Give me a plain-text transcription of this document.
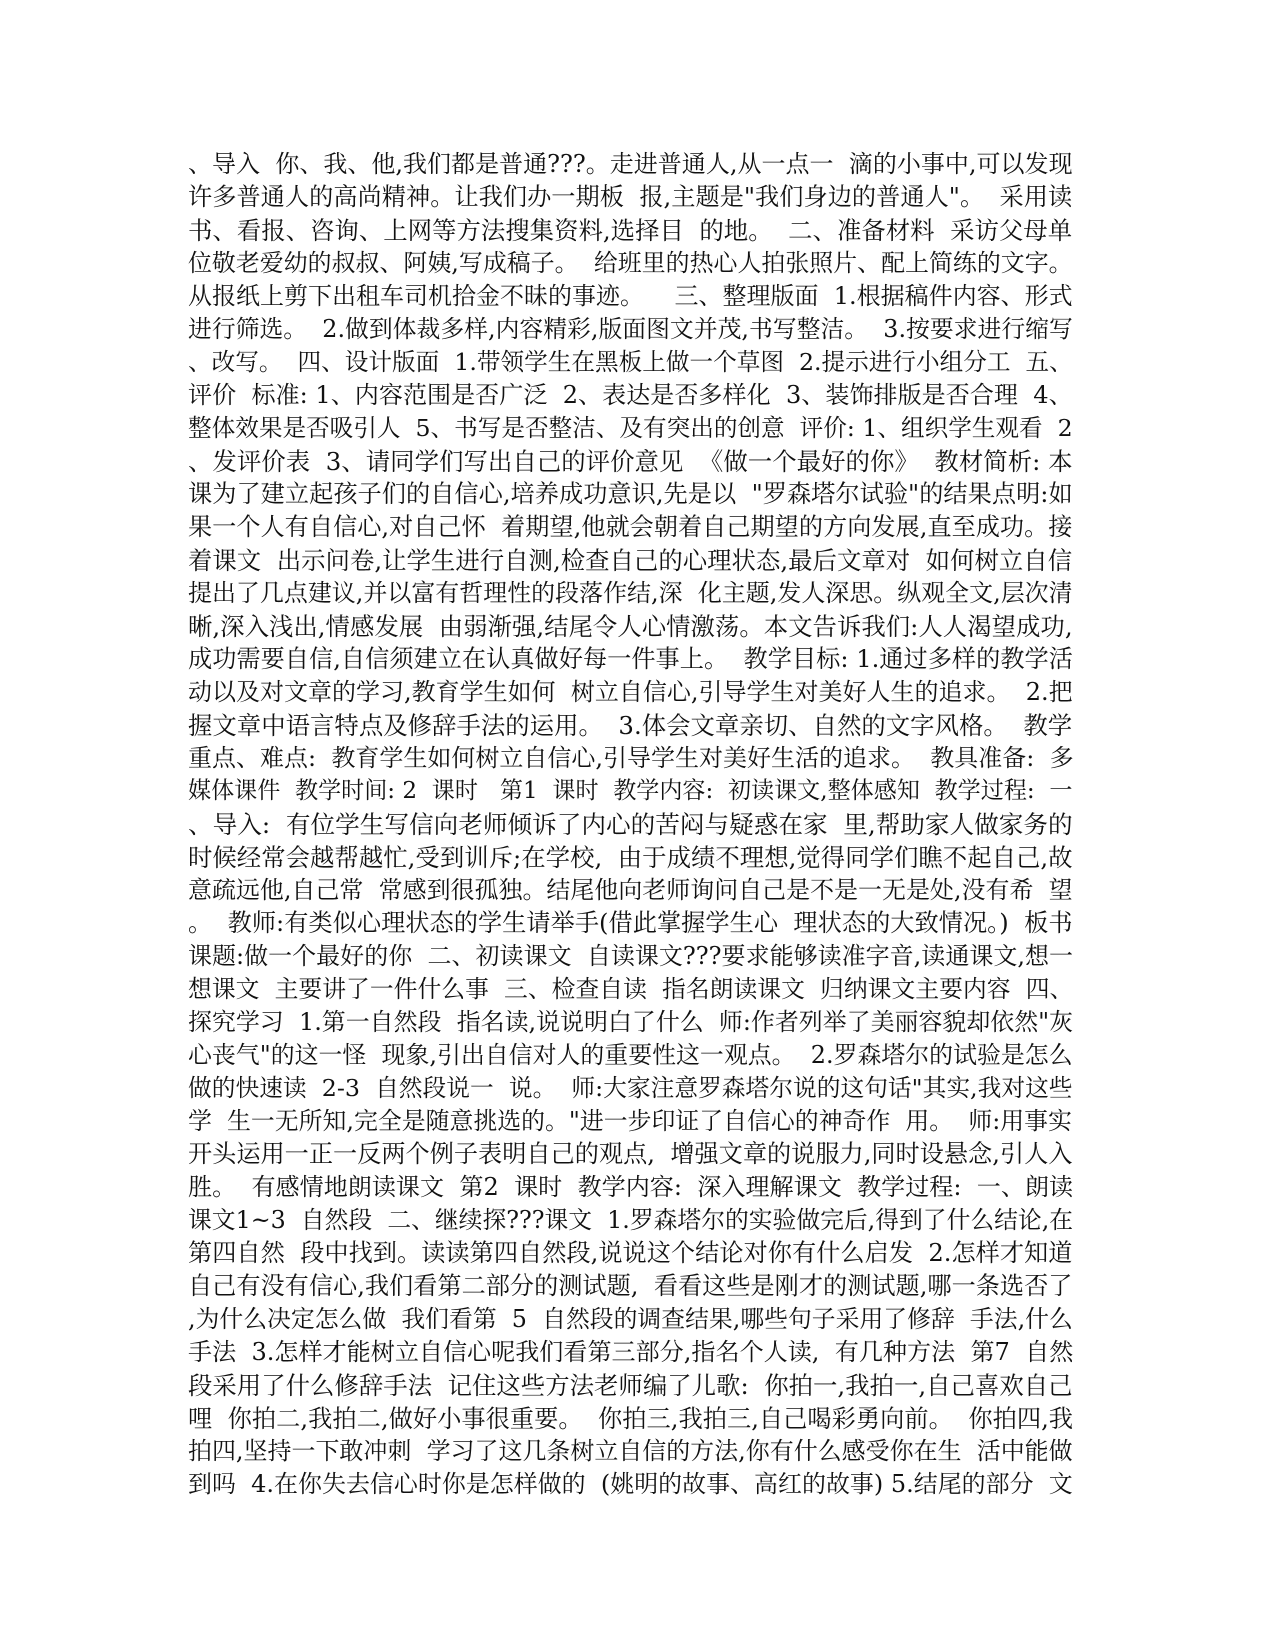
、导入  你、我、他,我们都是普通???。走进普通人,从一点一  滴的小事中,可以发现
许多普通人的高尚精神。让我们办一期板  报,主题是"我们身边的普通人"。  采用读
书、看报、咨询、上网等方法搜集资料,选择目  的地。  二、准备材料  采访父母单
位敬老爱幼的叔叔、阿姨,写成稿子。  给班里的热心人拍张照片、配上简练的文字。
从报纸上剪下出租车司机拾金不昧的事迹。    三、整理版面  1.根据稿件内容、形式
进行筛选。  2.做到体裁多样,内容精彩,版面图文并茂,书写整洁。  3.按要求进行缩写
、改写。  四、设计版面  1.带领学生在黑板上做一个草图  2.提示进行小组分工  五、
评价  标准: 1、内容范围是否广泛  2、表达是否多样化  3、装饰排版是否合理  4、
整体效果是否吸引人  5、书写是否整洁、及有突出的创意  评价: 1、组织学生观看  2
、发评价表  3、请同学们写出自己的评价意见  《做一个最好的你》  教材简析: 本
课为了建立起孩子们的自信心,培养成功意识,先是以  "罗森塔尔试验"的结果点明:如
果一个人有自信心,对自己怀  着期望,他就会朝着自己期望的方向发展,直至成功。接
着课文  出示问卷,让学生进行自测,检查自己的心理状态,最后文章对  如何树立自信
提出了几点建议,并以富有哲理性的段落作结,深  化主题,发人深思。纵观全文,层次清
晰,深入浅出,情感发展  由弱渐强,结尾令人心情激荡。本文告诉我们:人人渴望成功,
成功需要自信,自信须建立在认真做好每一件事上。  教学目标: 1.通过多样的教学活
动以及对文章的学习,教育学生如何  树立自信心,引导学生对美好人生的追求。  2.把
握文章中语言特点及修辞手法的运用。  3.体会文章亲切、自然的文字风格。  教学
重点、难点:  教育学生如何树立自信心,引导学生对美好生活的追求。  教具准备:  多
媒体课件  教学时间: 2  课时   第1  课时  教学内容:  初读课文,整体感知  教学过程:  一
、导入:  有位学生写信向老师倾诉了内心的苦闷与疑惑在家  里,帮助家人做家务的
时候经常会越帮越忙,受到训斥;在学校,  由于成绩不理想,觉得同学们瞧不起自己,故
意疏远他,自己常  常感到很孤独。结尾他向老师询问自己是不是一无是处,没有希  望
。  教师:有类似心理状态的学生请举手(借此掌握学生心  理状态的大致情况。)  板书
课题:做一个最好的你  二、初读课文  自读课文???要求能够读准字音,读通课文,想一
想课文  主要讲了一件什么事  三、检查自读  指名朗读课文  归纳课文主要内容  四、
探究学习  1.第一自然段  指名读,说说明白了什么  师:作者列举了美丽容貌却依然"灰
心丧气"的这一怪  现象,引出自信对人的重要性这一观点。  2.罗森塔尔的试验是怎么
做的快速读  2-3  自然段说一  说。  师:大家注意罗森塔尔说的这句话"其实,我对这些
学  生一无所知,完全是随意挑选的。"进一步印证了自信心的神奇作  用。  师:用事实
开头运用一正一反两个例子表明自己的观点,  增强文章的说服力,同时设悬念,引人入
胜。  有感情地朗读课文  第2  课时  教学内容:  深入理解课文  教学过程:  一、朗读
课文1~3  自然段  二、继续探???课文  1.罗森塔尔的实验做完后,得到了什么结论,在
第四自然  段中找到。读读第四自然段,说说这个结论对你有什么启发  2.怎样才知道
自己有没有信心,我们看第二部分的测试题,  看看这些是刚才的测试题,哪一条选否了
,为什么决定怎么做  我们看第  5  自然段的调查结果,哪些句子采用了修辞  手法,什么
手法  3.怎样才能树立自信心呢我们看第三部分,指名个人读,  有几种方法  第7  自然
段采用了什么修辞手法  记住这些方法老师编了儿歌:  你拍一,我拍一,自己喜欢自己
哩  你拍二,我拍二,做好小事很重要。  你拍三,我拍三,自己喝彩勇向前。  你拍四,我
拍四,坚持一下敢冲刺  学习了这几条树立自信的方法,你有什么感受你在生  活中能做
到吗  4.在你失去信心时你是怎样做的  (姚明的故事、高红的故事) 5.结尾的部分  文
